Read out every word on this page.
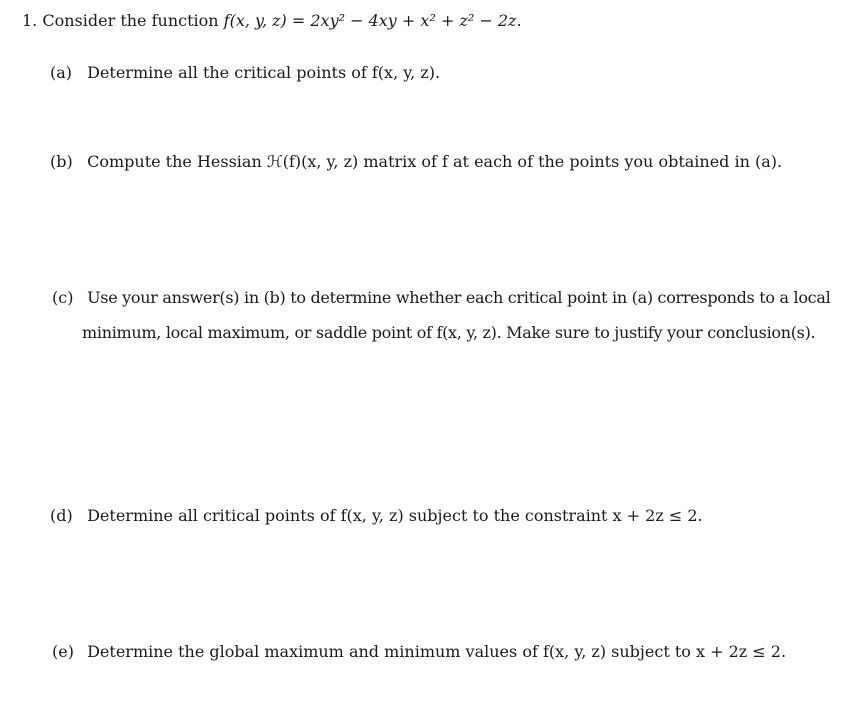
1. Consider the function f(x, y, z) = 2xy² − 4xy + x² + z² − 2z.
(a) Determine all the critical points of f(x, y, z).
(b) Compute the Hessian ℋ(f)(x, y, z) matrix of f at each of the points you obtained in (a).
(c) Use your answer(s) in (b) to determine whether each critical point in (a) corresponds to a local
minimum, local maximum, or saddle point of f(x, y, z). Make sure to justify your conclusion(s).
(d) Determine all critical points of f(x, y, z) subject to the constraint x + 2z ≤ 2.
(e) Determine the global maximum and minimum values of f(x, y, z) subject to x + 2z ≤ 2.
